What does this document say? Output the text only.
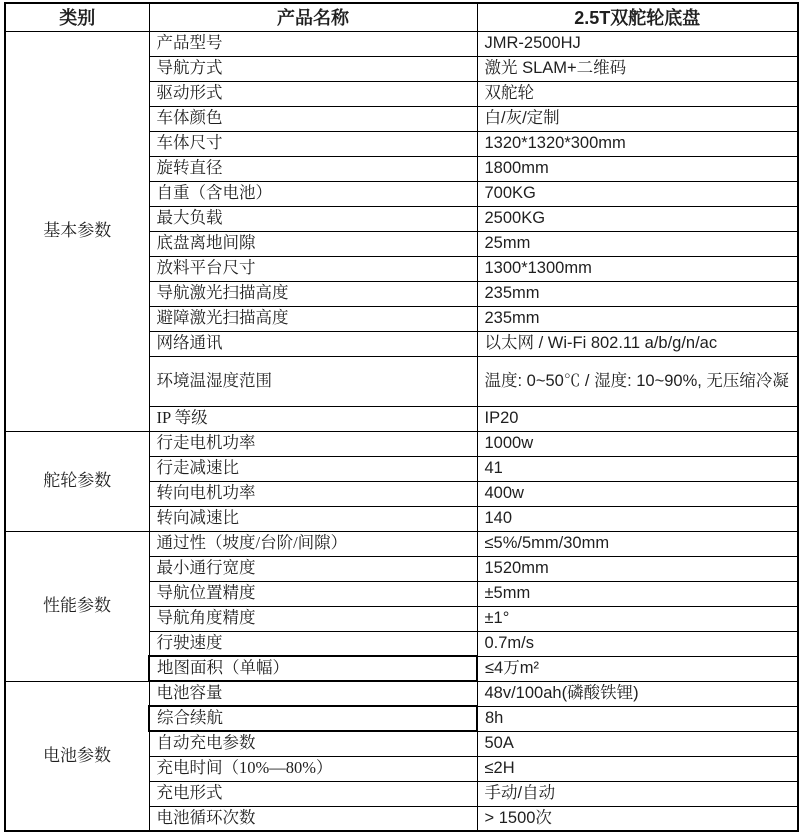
类别	产品名称	2.5T双舵轮底盘
基本参数	产品型号	JMR-2500HJ
	导航方式	激光 SLAM+二维码
	驱动形式	双舵轮
	车体颜色	白/灰/定制
	车体尺寸	1320*1320*300mm
	旋转直径	1800mm
	自重（含电池）	700KG
	最大负载	2500KG
	底盘离地间隙	25mm
	放料平台尺寸	1300*1300mm
	导航激光扫描高度	235mm
	避障激光扫描高度	235mm
	网络通讯	以太网 / Wi-Fi 802.11 a/b/g/n/ac
	环境温湿度范围	温度: 0~50℃ / 湿度: 10~90%, 无压缩冷凝
	IP 等级	IP20
舵轮参数	行走电机功率	1000w
	行走减速比	41
	转向电机功率	400w
	转向减速比	140
性能参数	通过性（坡度/台阶/间隙）	≤5%/5mm/30mm
	最小通行宽度	1520mm
	导航位置精度	±5mm
	导航角度精度	±1°
	行驶速度	0.7m/s
	地图面积（单幅）	≤4万m²
电池参数	电池容量	48v/100ah(磷酸铁锂)
	综合续航	8h
	自动充电参数	50A
	充电时间（10%—80%）	≤2H
	充电形式	手动/自动
	电池循环次数	> 1500次
